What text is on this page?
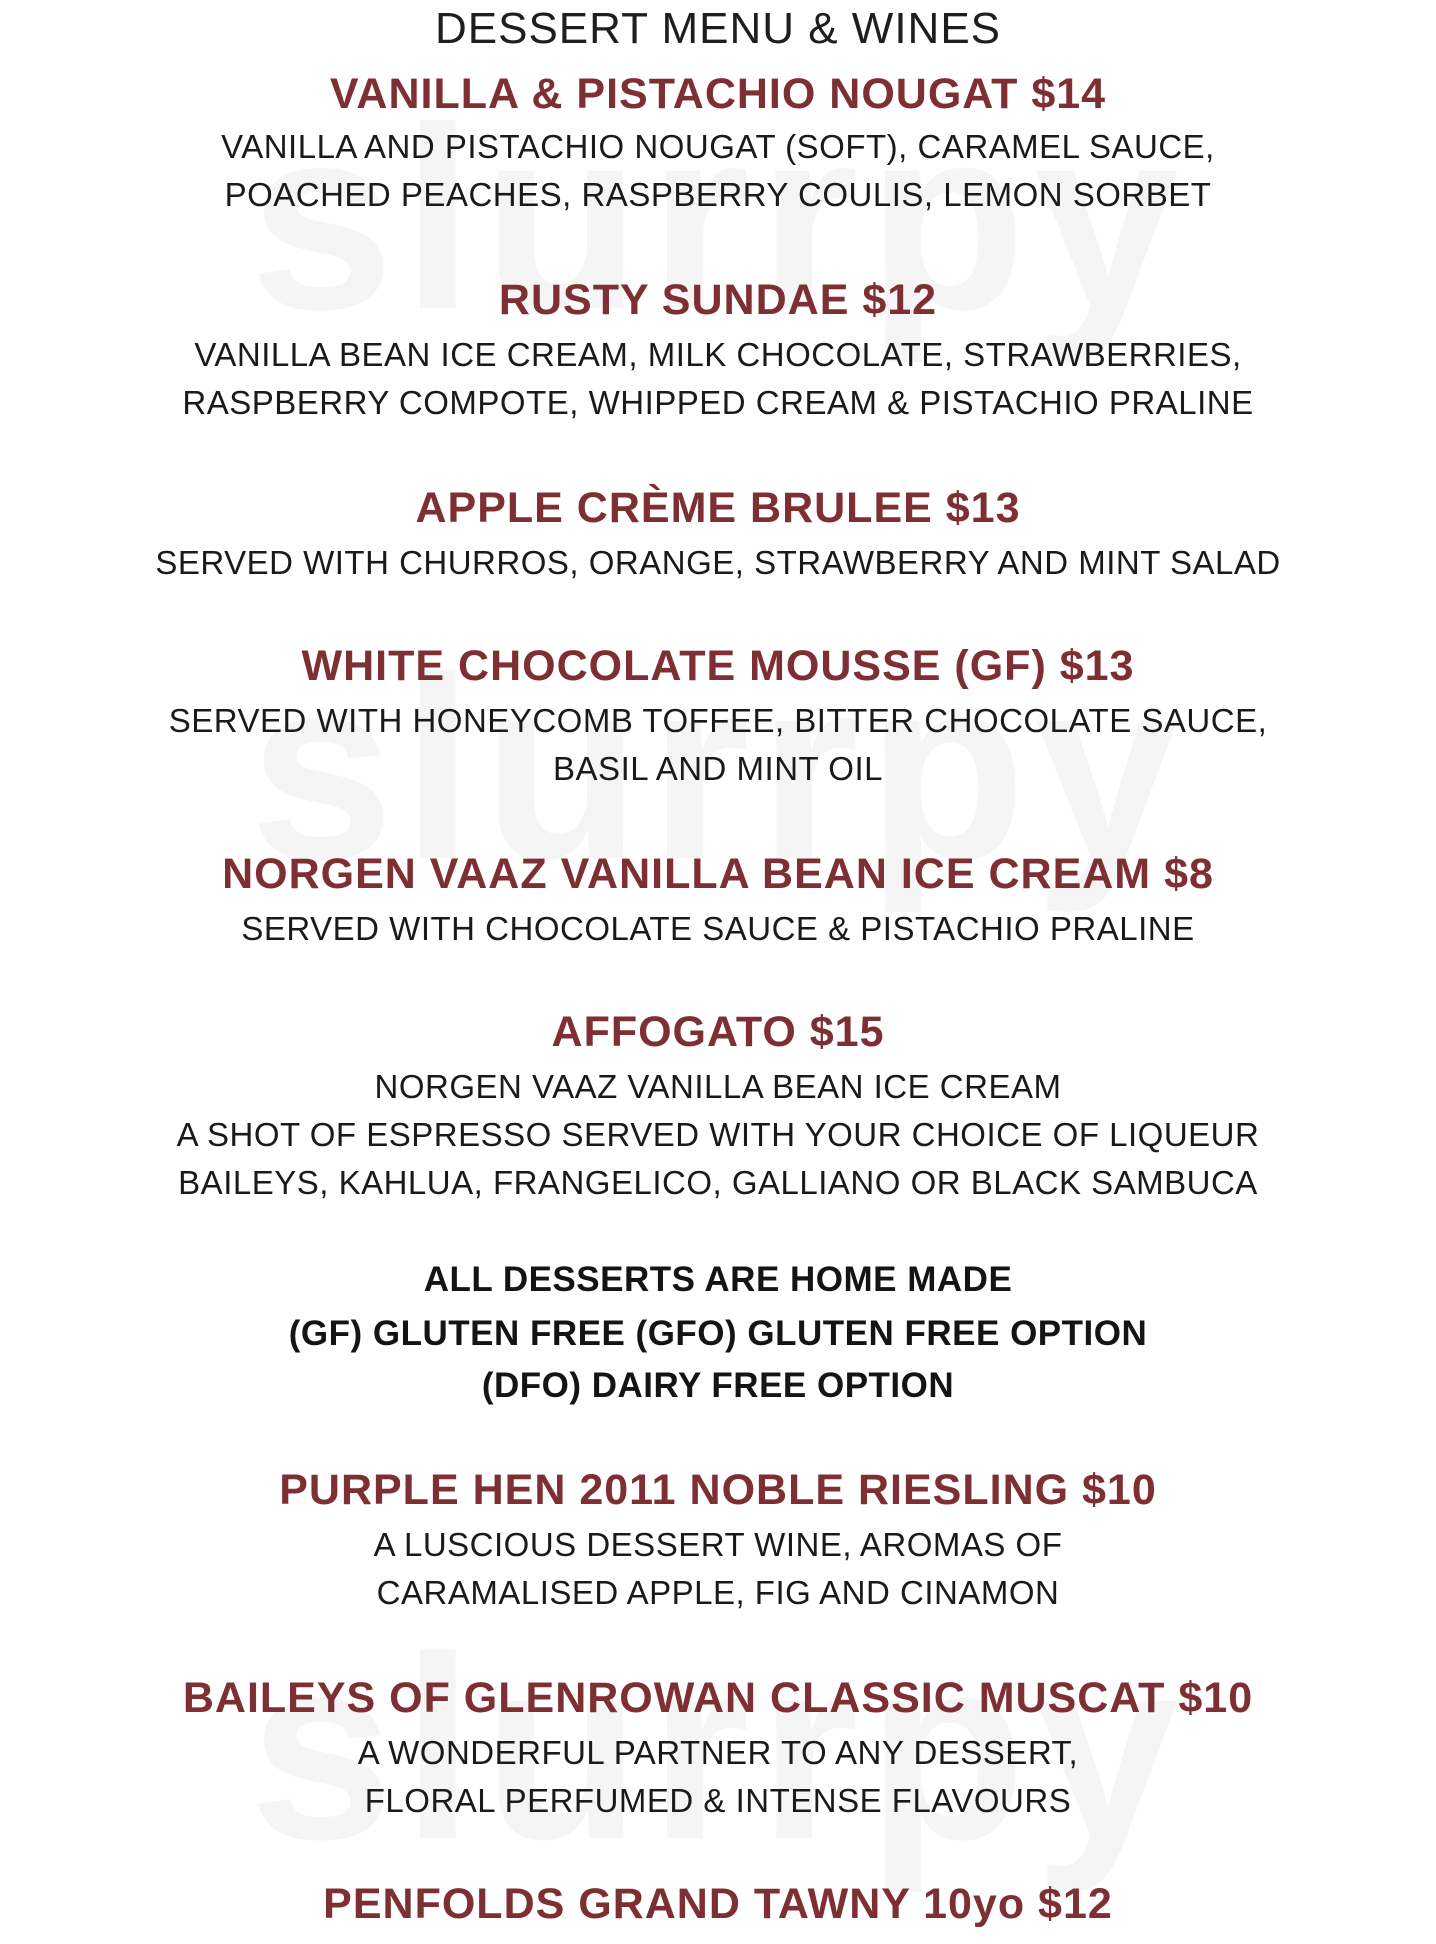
DESSERT MENU & WINES
VANILLA & PISTACHIO NOUGAT $14
VANILLA AND PISTACHIO NOUGAT (SOFT), CARAMEL SAUCE,
POACHED PEACHES, RASPBERRY COULIS, LEMON SORBET
RUSTY SUNDAE $12
VANILLA BEAN ICE CREAM, MILK CHOCOLATE, STRAWBERRIES,
RASPBERRY COMPOTE, WHIPPED CREAM & PISTACHIO PRALINE
APPLE CRÈME BRULEE $13
SERVED WITH CHURROS, ORANGE, STRAWBERRY AND MINT SALAD
WHITE CHOCOLATE MOUSSE (GF) $13
SERVED WITH HONEYCOMB TOFFEE, BITTER CHOCOLATE SAUCE,
BASIL AND MINT OIL
NORGEN VAAZ VANILLA BEAN ICE CREAM $8
SERVED WITH CHOCOLATE SAUCE & PISTACHIO PRALINE
AFFOGATO $15
NORGEN VAAZ VANILLA BEAN ICE CREAM
A SHOT OF ESPRESSO SERVED WITH YOUR CHOICE OF LIQUEUR
BAILEYS, KAHLUA, FRANGELICO, GALLIANO OR BLACK SAMBUCA
ALL DESSERTS ARE HOME MADE
(GF) GLUTEN FREE (GFO) GLUTEN FREE OPTION
(DFO) DAIRY FREE OPTION
PURPLE HEN 2011 NOBLE RIESLING $10
A LUSCIOUS DESSERT WINE, AROMAS OF
CARAMALISED APPLE, FIG AND CINAMON
BAILEYS OF GLENROWAN CLASSIC MUSCAT $10
A WONDERFUL PARTNER TO ANY DESSERT,
FLORAL PERFUMED & INTENSE FLAVOURS
PENFOLDS GRAND TAWNY 10yo $12
